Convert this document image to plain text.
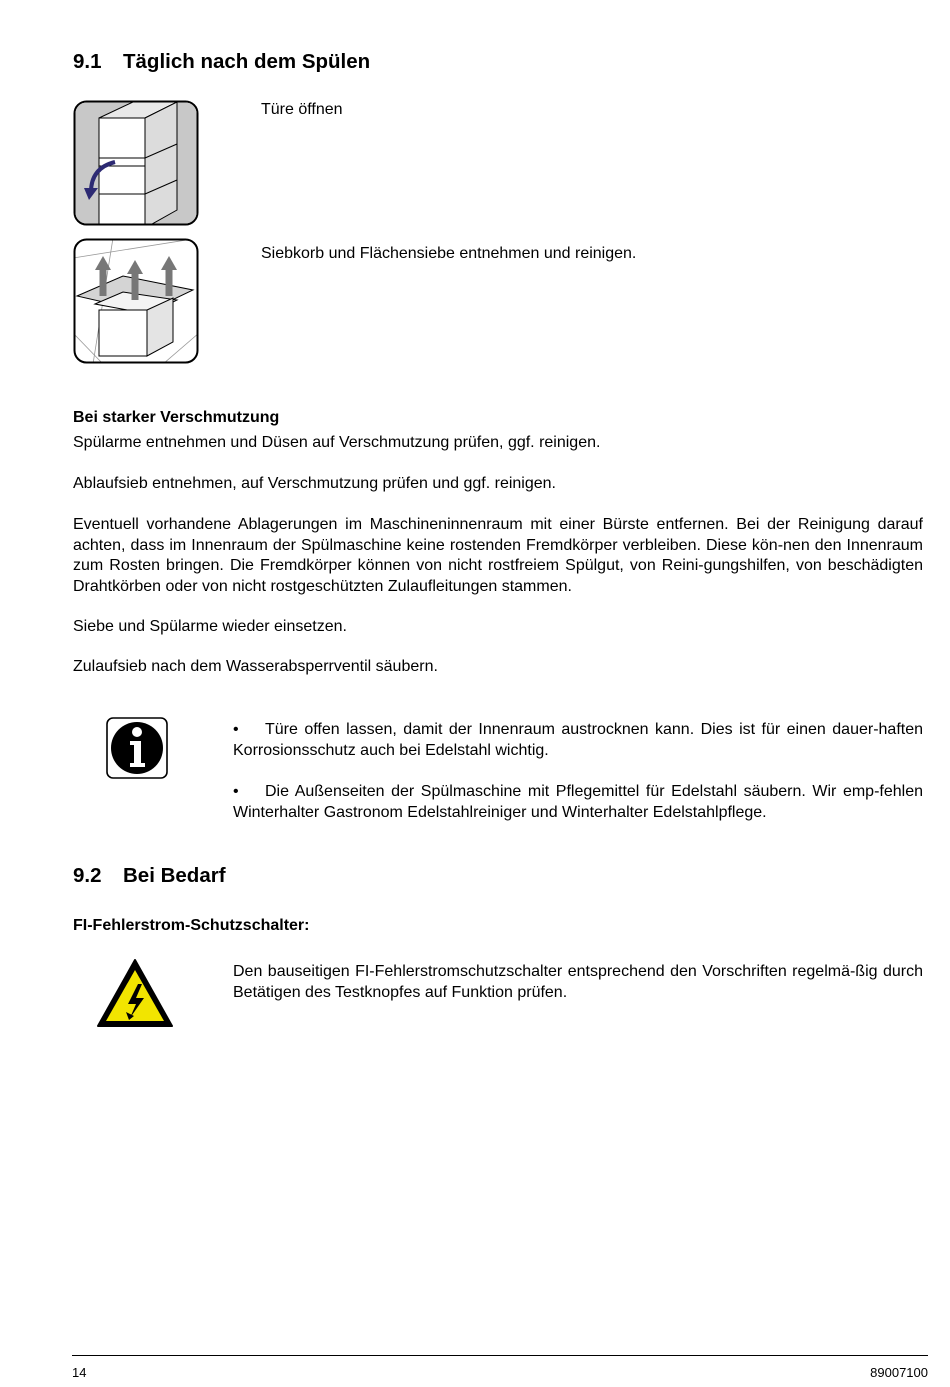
9.1 Täglich nach dem Spülen
Türe öffnen
Siebkorb und Flächensiebe entnehmen und reinigen.
Bei starker Verschmutzung
Spülarme entnehmen und Düsen auf Verschmutzung prüfen, ggf. reinigen.
Ablaufsieb entnehmen, auf Verschmutzung prüfen und ggf. reinigen.
Eventuell vorhandene Ablagerungen im Maschineninnenraum mit einer Bürste entfernen. Bei der Reinigung darauf achten, dass im Innenraum der Spülmaschine keine rostenden Fremdkörper verbleiben. Diese kön-nen den Innenraum zum Rosten bringen. Die Fremdkörper können von nicht rostfreiem Spülgut, von Reini-gungshilfen, von beschädigten Drahtkörben oder von nicht rostgeschützten Zulaufleitungen stammen.
Siebe und Spülarme wieder einsetzen.
Zulaufsieb nach dem Wasserabsperrventil säubern.

• Türe offen lassen, damit der Innenraum austrocknen kann. Dies ist für einen dauer-haften Korrosionsschutz auch bei Edelstahl wichtig.

• Die Außenseiten der Spülmaschine mit Pflegemittel für Edelstahl säubern. Wir emp-fehlen Winterhalter Gastronom Edelstahlreiniger und Winterhalter Edelstahlpflege.

9.2 Bei Bedarf
FI-Fehlerstrom-Schutzschalter:
Den bauseitigen FI-Fehlerstromschutzschalter entsprechend den Vorschriften regelmä-ßig durch Betätigen des Testknopfes auf Funktion prüfen.
14	89007100
